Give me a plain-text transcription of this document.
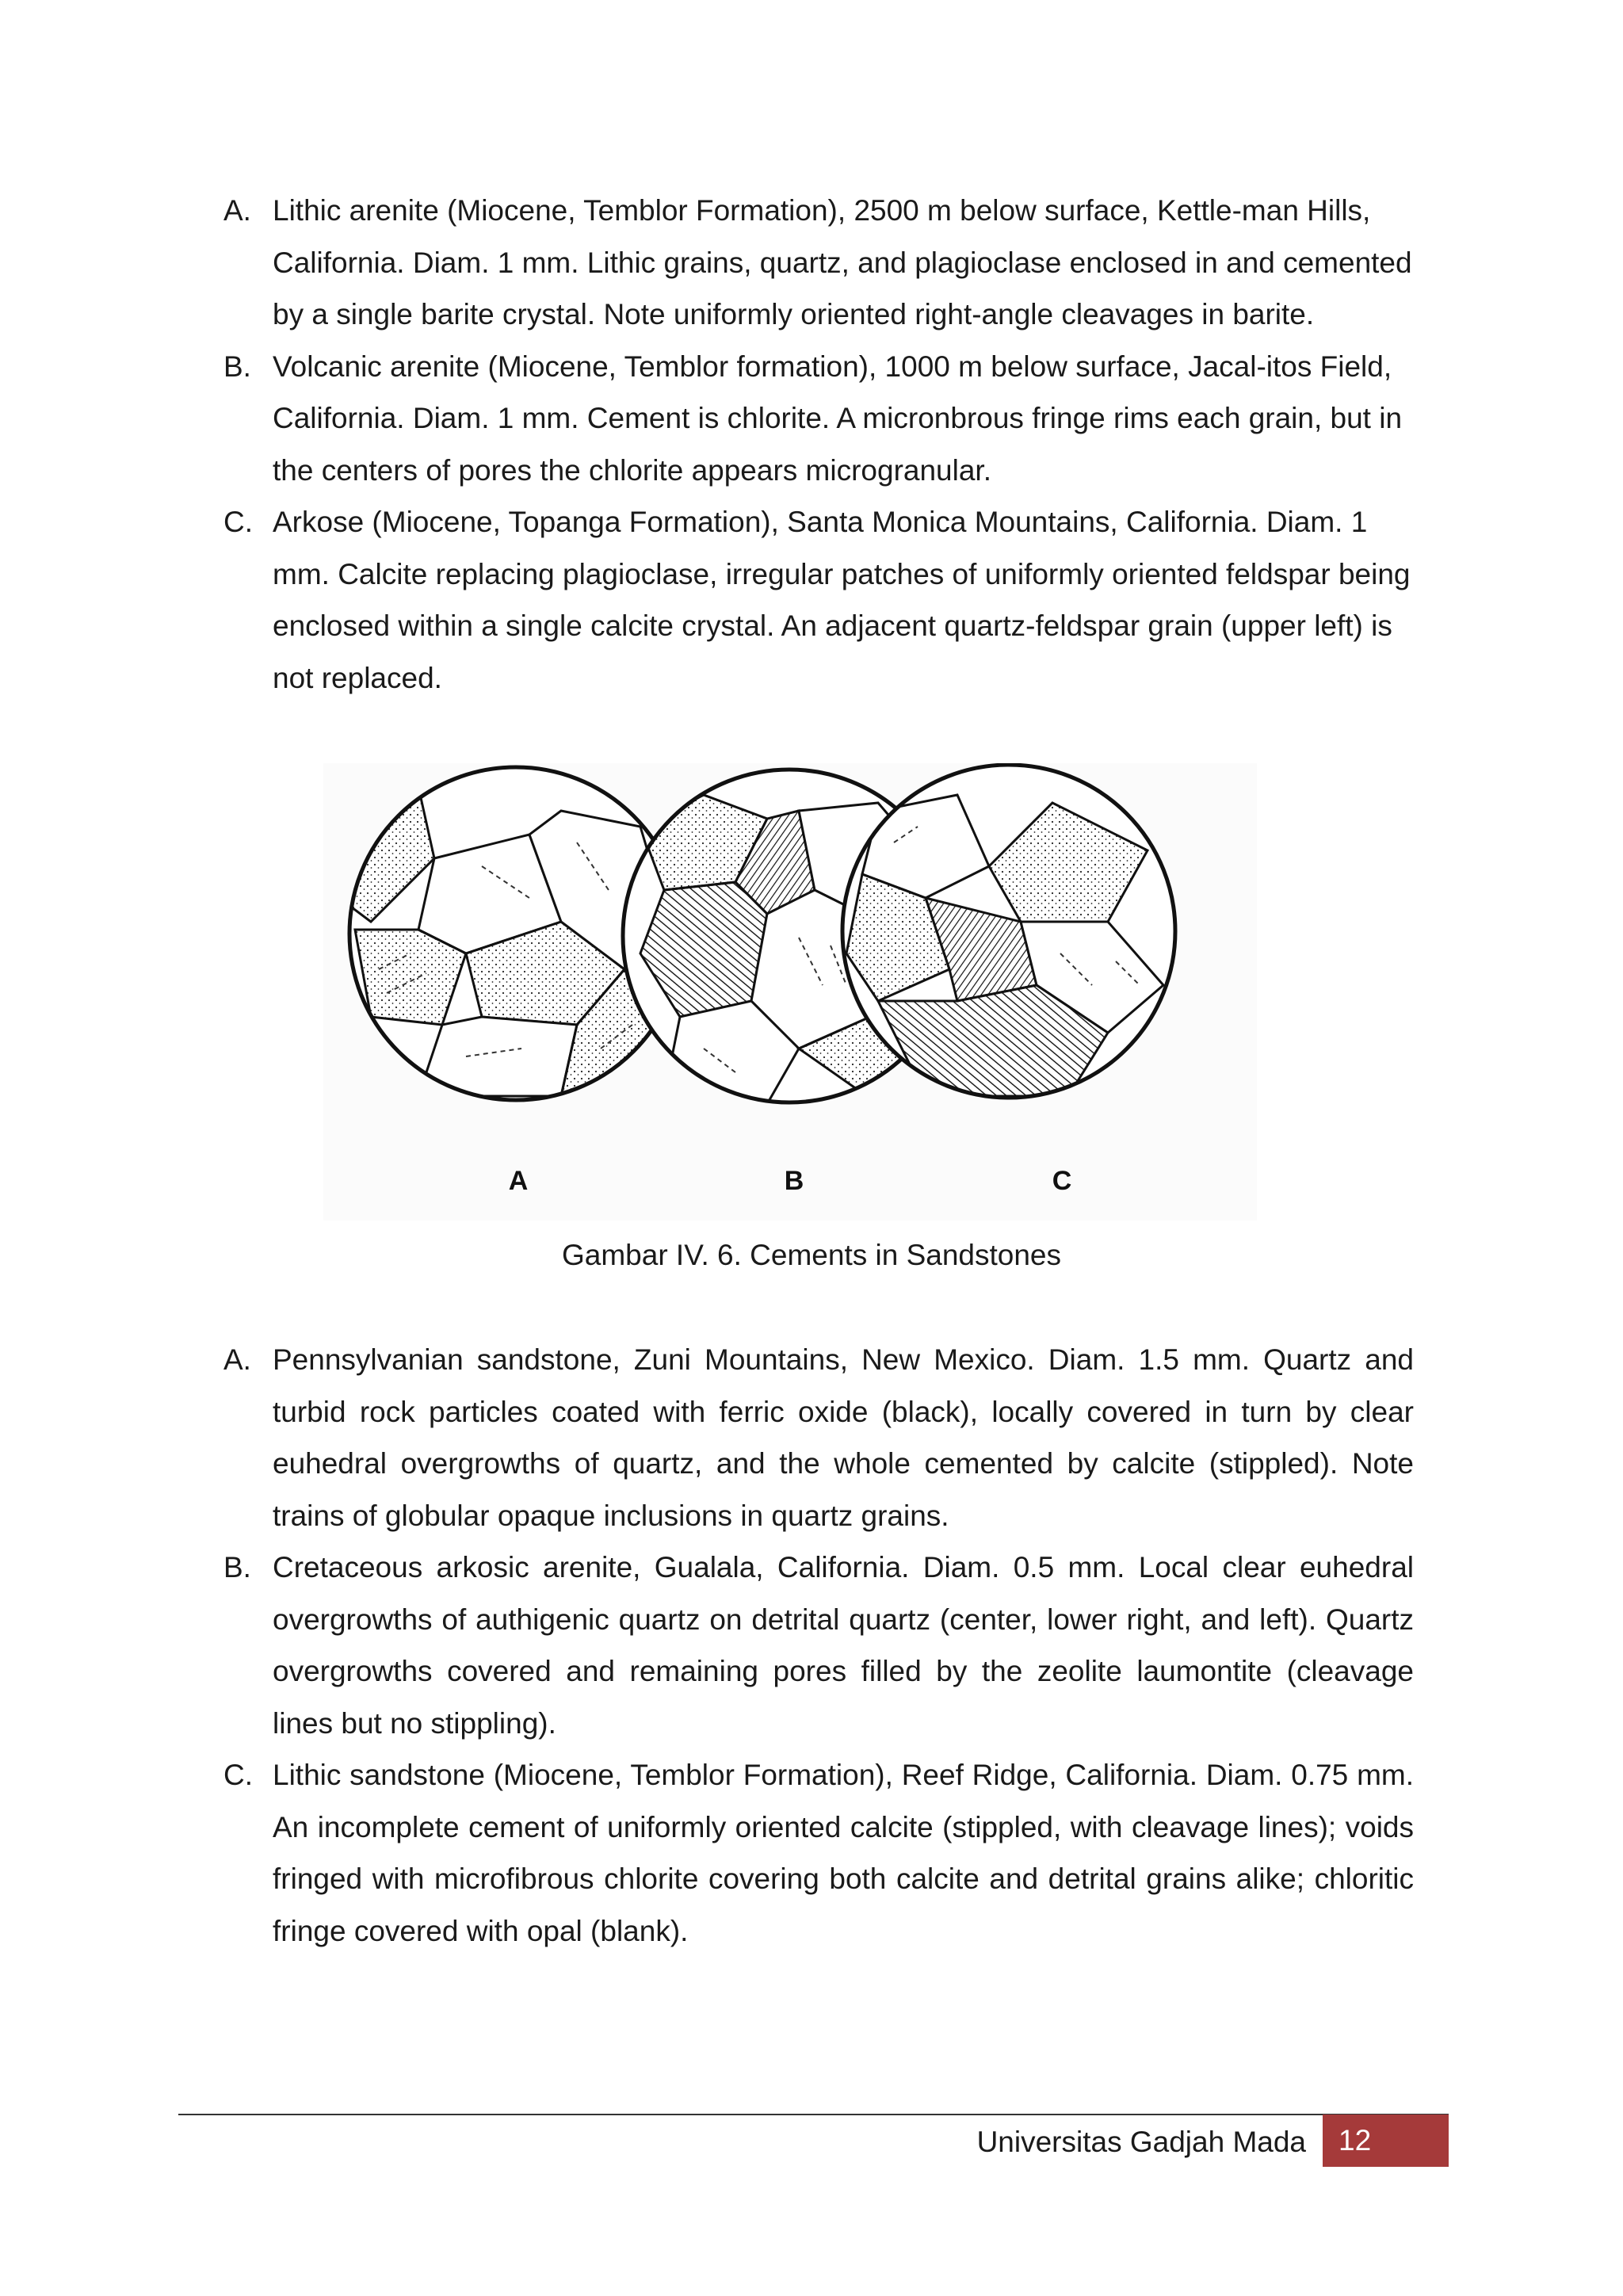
A. Lithic arenite (Miocene, Temblor Formation), 2500 m below surface, Kettle-man Hills, California. Diam. 1 mm. Lithic grains, quartz, and plagioclase enclosed in and cemented by a single barite crystal. Note uniformly oriented right-angle cleavages in barite.
B. Volcanic arenite (Miocene, Temblor formation), 1000 m below surface, Jacal-itos Field, California. Diam. 1 mm. Cement is chlorite. A micronbrous fringe rims each grain, but in the centers of pores the chlorite appears microgranular.
C. Arkose (Miocene, Topanga Formation), Santa Monica Mountains, California. Diam. 1 mm. Calcite replacing plagioclase, irregular patches of uniformly oriented feldspar being enclosed within a single calcite crystal. An adjacent quartz-feldspar grain (upper left) is not replaced.
A	B	C
Gambar IV. 6. Cements in Sandstones
A. Pennsylvanian sandstone, Zuni Mountains, New Mexico. Diam. 1.5 mm. Quartz and turbid rock particles coated with ferric oxide (black), locally covered in turn by clear euhedral overgrowths of quartz, and the whole cemented by calcite (stippled). Note trains of globular opaque inclusions in quartz grains.
B. Cretaceous arkosic arenite, Gualala, California. Diam. 0.5 mm. Local clear euhedral overgrowths of authigenic quartz on detrital quartz (center, lower right, and left). Quartz overgrowths covered and remaining pores filled by the zeolite laumontite (cleavage lines but no stippling).
C. Lithic sandstone (Miocene, Temblor Formation), Reef Ridge, California. Diam. 0.75 mm. An incomplete cement of uniformly oriented calcite (stippled, with cleavage lines); voids fringed with microfibrous chlorite covering both calcite and detrital grains alike; chloritic fringe covered with opal (blank).
Universitas Gadjah Mada	12
